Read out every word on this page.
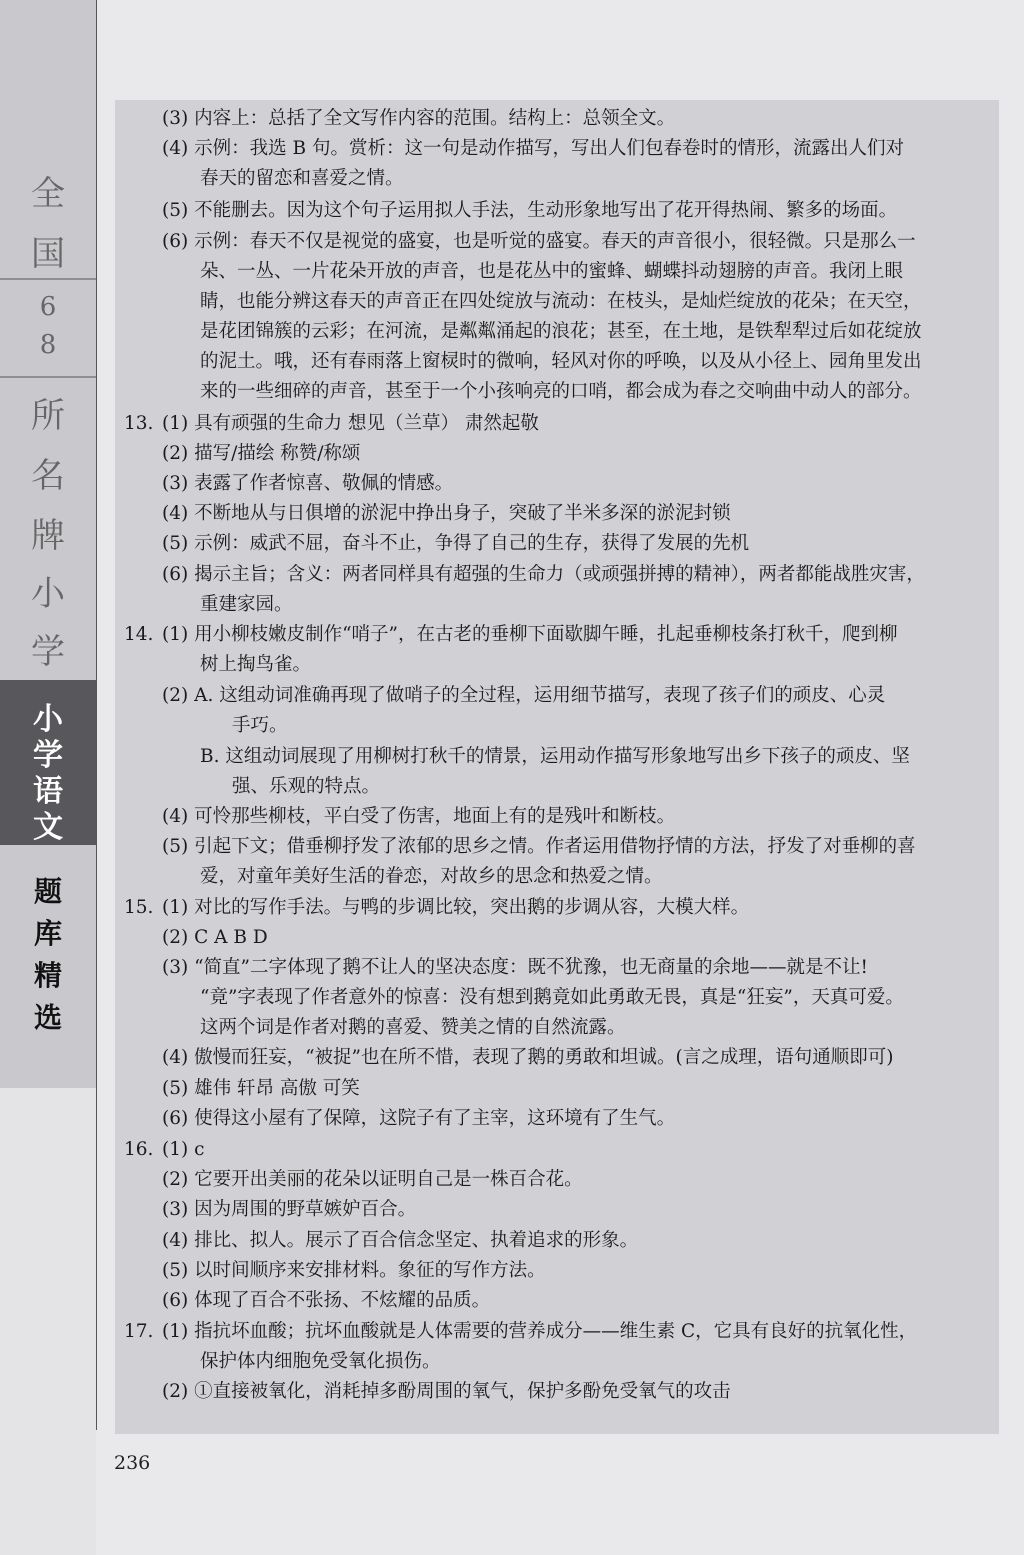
全
国
6
8
所
名
牌
小
学
小
学
语
文
题
库
精
选
(3) 内容上：总括了全文写作内容的范围。结构上：总领全文。
(4) 示例：我选 B 句。赏析：这一句是动作描写，写出人们包春卷时的情形，流露出人们对
春天的留恋和喜爱之情。
(5) 不能删去。因为这个句子运用拟人手法，生动形象地写出了花开得热闹、繁多的场面。
(6) 示例：春天不仅是视觉的盛宴，也是听觉的盛宴。春天的声音很小，很轻微。只是那么一
朵、一丛、一片花朵开放的声音，也是花丛中的蜜蜂、蝴蝶抖动翅膀的声音。我闭上眼
睛，也能分辨这春天的声音正在四处绽放与流动：在枝头，是灿烂绽放的花朵；在天空，
是花团锦簇的云彩；在河流，是粼粼涌起的浪花；甚至，在土地，是铁犁犁过后如花绽放
的泥土。哦，还有春雨落上窗棂时的微响，轻风对你的呼唤，以及从小径上、园角里发出
来的一些细碎的声音，甚至于一个小孩响亮的口哨，都会成为春之交响曲中动人的部分。
13. (1) 具有顽强的生命力 想见（兰草） 肃然起敬
(2) 描写/描绘 称赞/称颂
(3) 表露了作者惊喜、敬佩的情感。
(4) 不断地从与日俱增的淤泥中挣出身子，突破了半米多深的淤泥封锁
(5) 示例：威武不屈，奋斗不止，争得了自己的生存，获得了发展的先机
(6) 揭示主旨；含义：两者同样具有超强的生命力（或顽强拼搏的精神），两者都能战胜灾害，
重建家园。
14. (1) 用小柳枝嫩皮制作“哨子”，在古老的垂柳下面歇脚午睡，扎起垂柳枝条打秋千，爬到柳
树上掏鸟雀。
(2) A. 这组动词准确再现了做哨子的全过程，运用细节描写，表现了孩子们的顽皮、心灵
手巧。
B. 这组动词展现了用柳树打秋千的情景，运用动作描写形象地写出乡下孩子的顽皮、坚
强、乐观的特点。
(4) 可怜那些柳枝，平白受了伤害，地面上有的是残叶和断枝。
(5) 引起下文；借垂柳抒发了浓郁的思乡之情。作者运用借物抒情的方法，抒发了对垂柳的喜
爱，对童年美好生活的眷恋，对故乡的思念和热爱之情。
15. (1) 对比的写作手法。与鸭的步调比较，突出鹅的步调从容，大模大样。
(2) C A B D
(3) “简直”二字体现了鹅不让人的坚决态度：既不犹豫，也无商量的余地——就是不让!
“竟”字表现了作者意外的惊喜：没有想到鹅竟如此勇敢无畏，真是“狂妄”，天真可爱。
这两个词是作者对鹅的喜爱、赞美之情的自然流露。
(4) 傲慢而狂妄，“被捉”也在所不惜，表现了鹅的勇敢和坦诚。(言之成理，语句通顺即可)
(5) 雄伟 轩昂 高傲 可笑
(6) 使得这小屋有了保障，这院子有了主宰，这环境有了生气。
16. (1) c
(2) 它要开出美丽的花朵以证明自己是一株百合花。
(3) 因为周围的野草嫉妒百合。
(4) 排比、拟人。展示了百合信念坚定、执着追求的形象。
(5) 以时间顺序来安排材料。象征的写作方法。
(6) 体现了百合不张扬、不炫耀的品质。
17. (1) 指抗坏血酸；抗坏血酸就是人体需要的营养成分——维生素 C，它具有良好的抗氧化性，
保护体内细胞免受氧化损伤。
(2) ①直接被氧化，消耗掉多酚周围的氧气，保护多酚免受氧气的攻击
236
